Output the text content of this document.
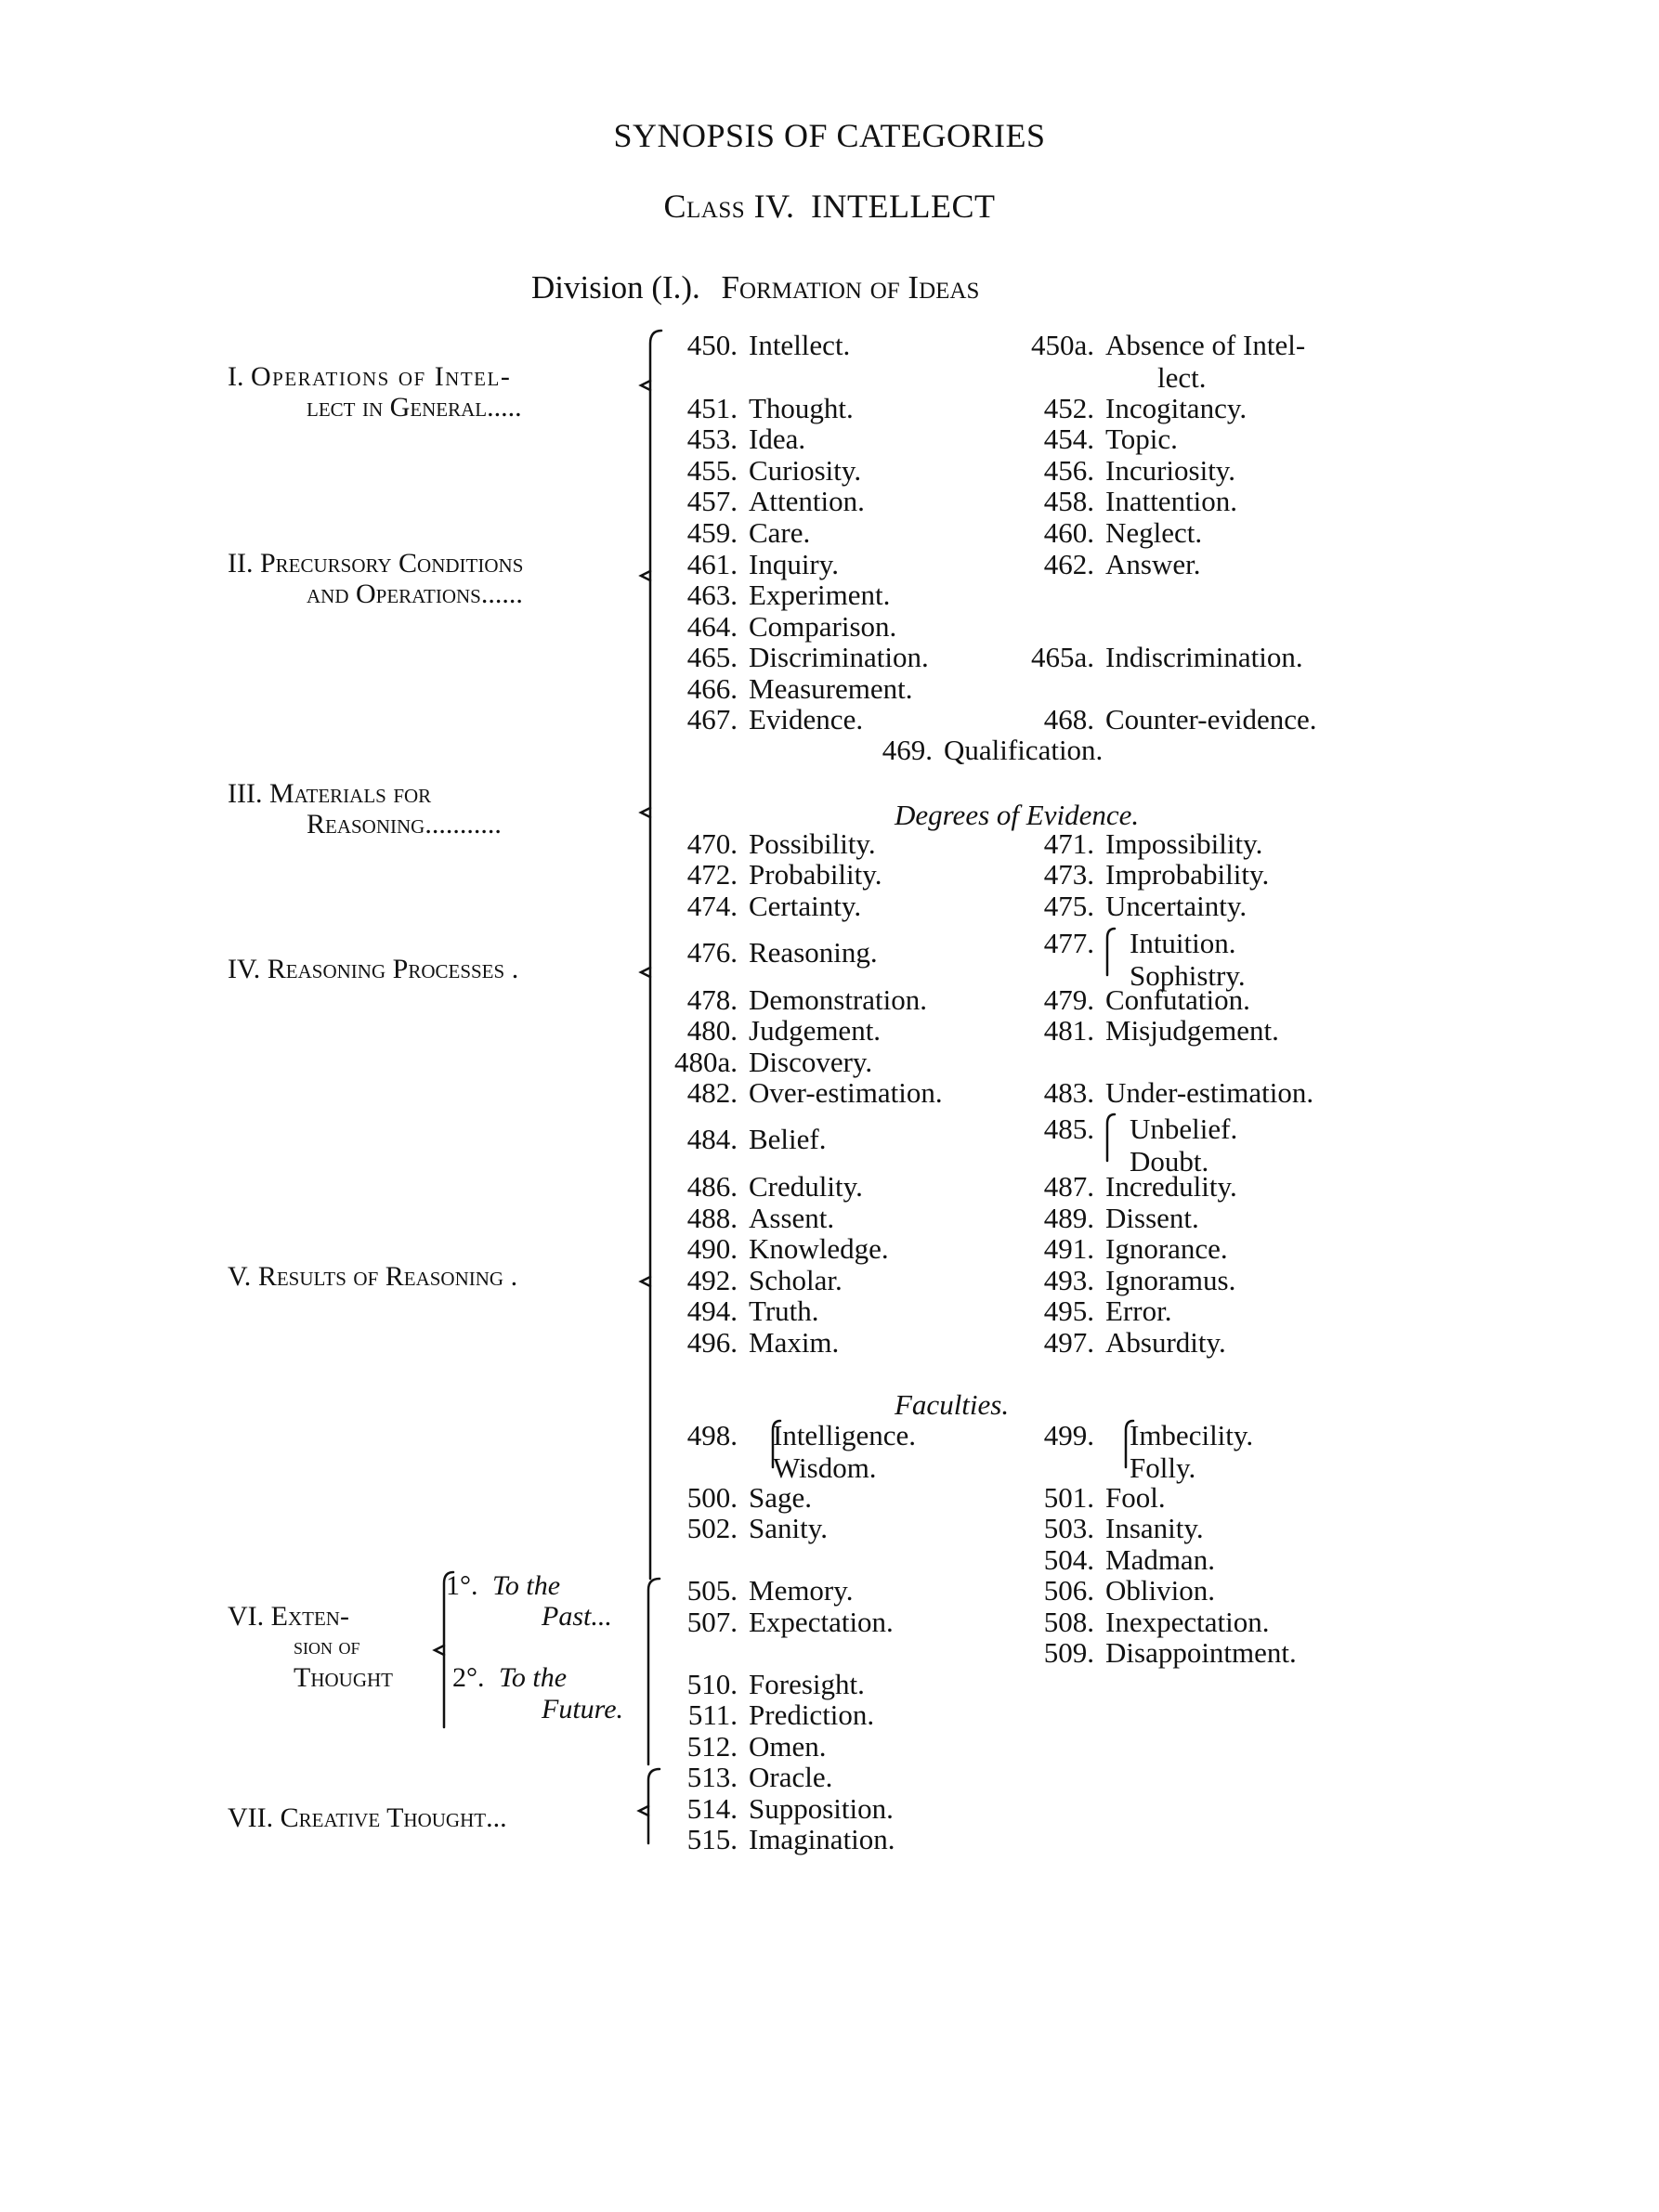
SYNOPSIS OF CATEGORIES
Class IV. INTELLECT
Division (I.). Formation of Ideas
I. Operations of Intel-
lect in General.....
II. Precursory Conditions
and Operations......
III. Materials for
Reasoning...........
IV. Reasoning Processes .
V. Results of Reasoning .
VI. Exten-
sion of
Thought
1°. To the
Past...
2°. To the
Future.
VII. Creative Thought...
450. Intellect.	450a. Absence of Intel-
lect.
451. Thought.	452. Incogitancy.
453. Idea.	454. Topic.
455. Curiosity.	456. Incuriosity.
457. Attention.	458. Inattention.
459. Care.	460. Neglect.
461. Inquiry.	462. Answer.
463. Experiment.
464. Comparison.
465. Discrimination.	465a. Indiscrimination.
466. Measurement.
467. Evidence.	468. Counter-evidence.
469. Qualification.
470. Possibility.	471. Impossibility.
472. Probability.	473. Improbability.
474. Certainty.	475. Uncertainty.
476. Reasoning.	477. Intuition.
Sophistry.
478. Demonstration.	479. Confutation.
480. Judgement.	481. Misjudgement.
480a. Discovery.
482. Over-estimation.	483. Under-estimation.
484. Belief.	485. Unbelief.
Doubt.
486. Credulity.	487. Incredulity.
488. Assent.	489. Dissent.
490. Knowledge.	491. Ignorance.
492. Scholar.	493. Ignoramus.
494. Truth.	495. Error.
496. Maxim.	497. Absurdity.
498. Intelligence.
Wisdom.
499. Imbecility.
Folly.
500. Sage.	501. Fool.
502. Sanity.	503. Insanity.
504. Madman.
505. Memory.	506. Oblivion.
507. Expectation.	508. Inexpectation.
509. Disappointment.
510. Foresight.
511. Prediction.
512. Omen.
513. Oracle.
514. Supposition.
515. Imagination.
Degrees of Evidence.
Faculties.
